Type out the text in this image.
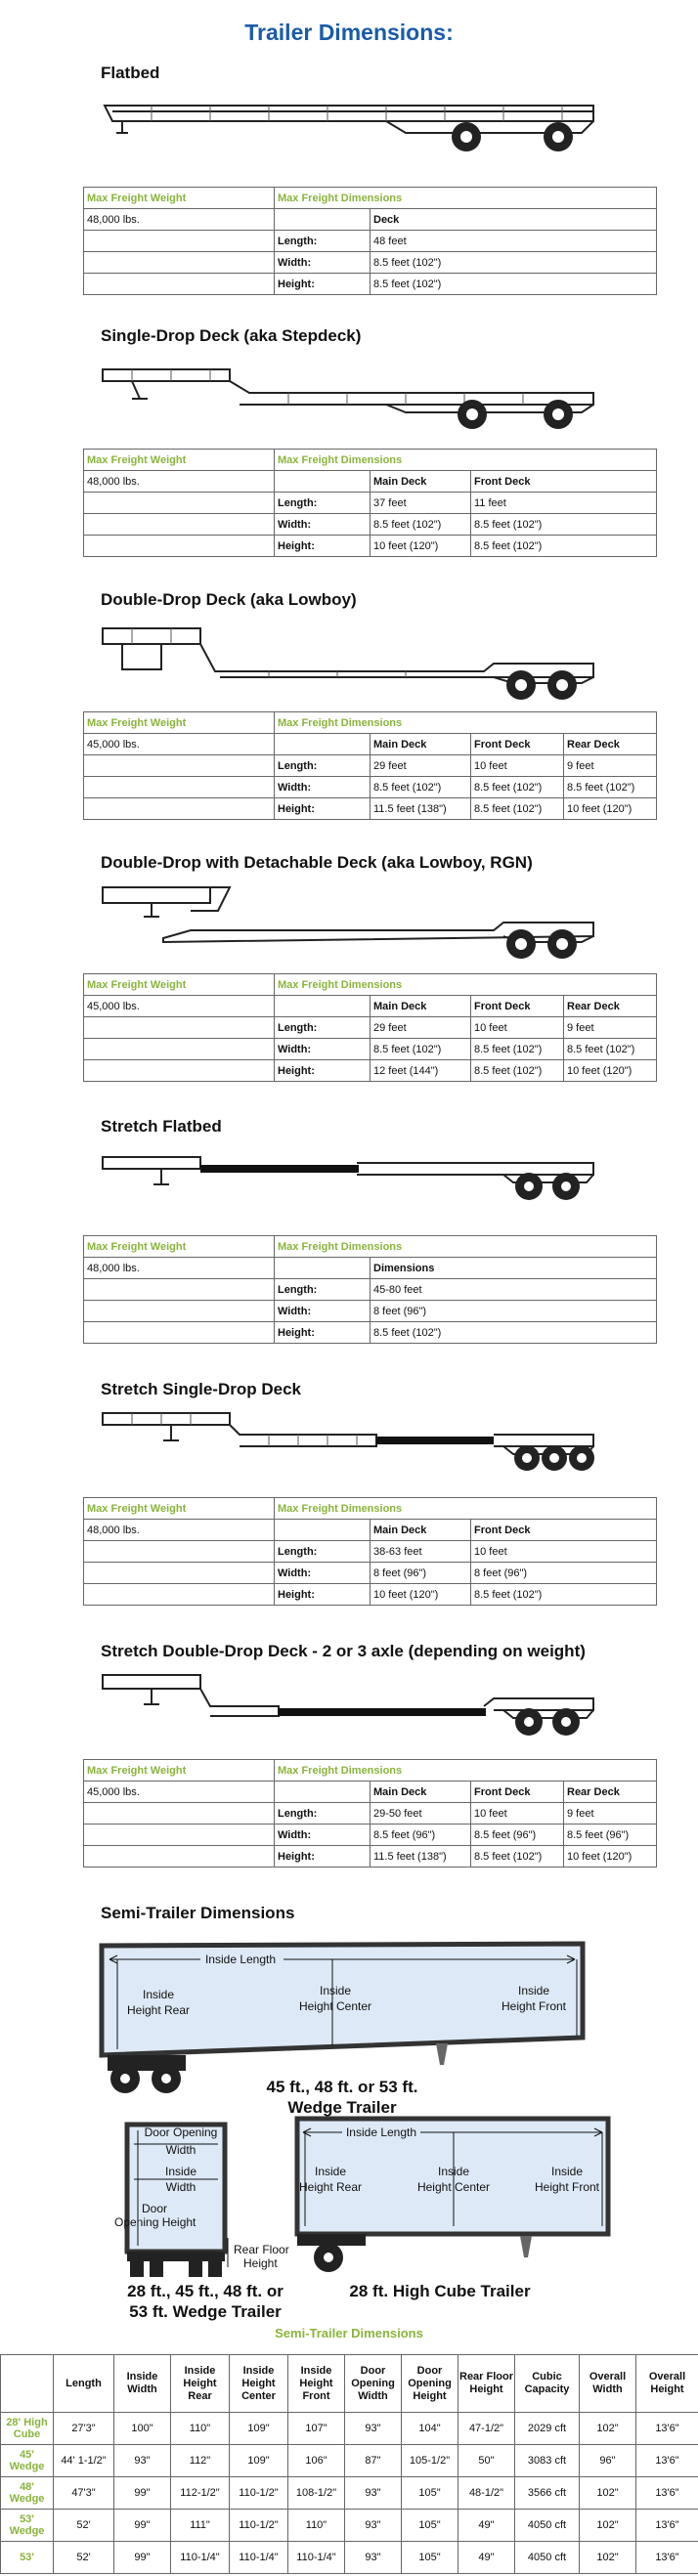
Trailer Dimensions:
Flatbed
Max Freight Weight	Max Freight Dimensions	
48,000 lbs.		Deck
	Length:	48 feet
	Width:	8.5 feet (102")
	Height:	8.5 feet (102")
Single-Drop Deck (aka Stepdeck)
Max Freight Weight	Max Freight Dimensions		
48,000 lbs.		Main Deck	Front Deck
	Length:	37 feet	11 feet
	Width:	8.5 feet (102")	8.5 feet (102")
	Height:	10 feet (120")	8.5 feet (102")
Double-Drop Deck (aka Lowboy)
Max Freight Weight	Max Freight Dimensions			
45,000 lbs.		Main Deck	Front Deck	Rear Deck
	Length:	29 feet	10 feet	9 feet
	Width:	8.5 feet (102")	8.5 feet (102")	8.5 feet (102")
	Height:	11.5 feet (138")	8.5 feet (102")	10 feet (120")
Double-Drop with Detachable Deck (aka Lowboy, RGN)
Max Freight Weight	Max Freight Dimensions			
45,000 lbs.		Main Deck	Front Deck	Rear Deck
	Length:	29 feet	10 feet	9 feet
	Width:	8.5 feet (102")	8.5 feet (102")	8.5 feet (102")
	Height:	12 feet (144")	8.5 feet (102")	10 feet (120")
Stretch Flatbed
Max Freight Weight	Max Freight Dimensions	
48,000 lbs.		Dimensions
	Length:	45-80 feet
	Width:	8 feet (96")
	Height:	8.5 feet (102")
Stretch Single-Drop Deck
Max Freight Weight	Max Freight Dimensions		
48,000 lbs.		Main Deck	Front Deck
	Length:	38-63 feet	10 feet
	Width:	8 feet (96")	8 feet (96")
	Height:	10 feet (120")	8.5 feet (102")
Stretch Double-Drop Deck - 2 or 3 axle (depending on weight)
Max Freight Weight	Max Freight Dimensions			
45,000 lbs.		Main Deck	Front Deck	Rear Deck
	Length:	29-50 feet	10 feet	9 feet
	Width:	8.5 feet (96")	8.5 feet (96")	8.5 feet (96")
	Height:	11.5 feet (138")	8.5 feet (102")	10 feet (120")
Semi-Trailer Dimensions
Inside Length
Inside
Height Rear
Inside
Height Center
Inside
Height Front
45 ft., 48 ft. or 53 ft.
Wedge Trailer
Door Opening
Width
Inside
Width
Door
Opening Height
Rear Floor
Height
28 ft., 45 ft., 48 ft. or
53 ft. Wedge Trailer
Inside Length
Inside
Height Rear
Inside
Height Center
Inside
Height Front
28 ft. High Cube Trailer
Semi-Trailer Dimensions
	Length	Inside Width	Inside Height Rear	Inside Height Center	Inside Height Front	Door Opening Width	Door Opening Height	Rear Floor Height	Cubic Capacity	Overall Width	Overall Height
28' High Cube	27'3"	100"	110"	109"	107"	93"	104"	47-1/2"	2029 cft	102"	13'6"
45' Wedge	44' 1-1/2"	93"	112"	109"	106"	87"	105-1/2"	50"	3083 cft	96"	13'6"
48' Wedge	47'3"	99"	112-1/2"	110-1/2"	108-1/2"	93"	105"	48-1/2"	3566 cft	102"	13'6"
53' Wedge	52'	99"	111"	110-1/2"	110"	93"	105"	49"	4050 cft	102"	13'6"
53'	52'	99"	110-1/4"	110-1/4"	110-1/4"	93"	105"	49"	4050 cft	102"	13'6"
